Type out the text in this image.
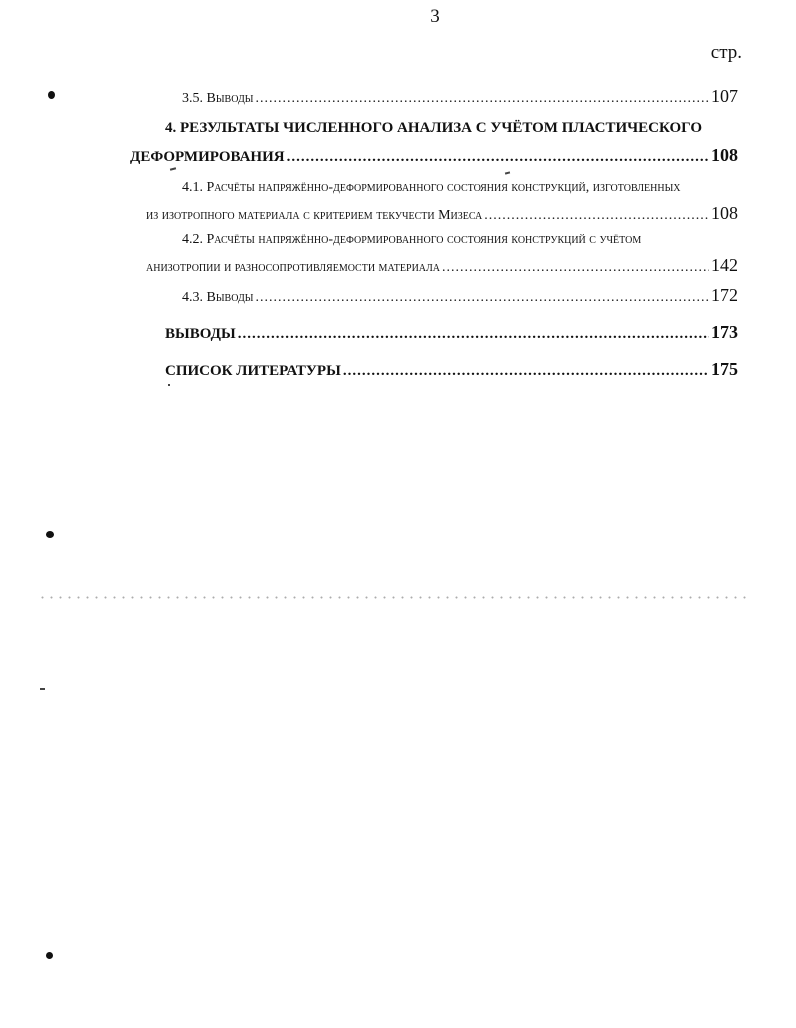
3
стр.
3.5. Выводы .....	107
4. РЕЗУЛЬТАТЫ ЧИСЛЕННОГО АНАЛИЗА С УЧЁТОМ ПЛАСТИЧЕСКОГО
ДЕФОРМИРОВАНИЯ .....	108
4.1. Расчёты напряжённо-деформированного состояния конструкций, изготовленных
из изотропного материала с критерием текучести Мизеса .....	108
4.2. Расчёты напряжённо-деформированного состояния конструкций с учётом
анизотропии и разносопротивляемости материала .....	142
4.3. Выводы .....	172
ВЫВОДЫ .....	173
СПИСОК ЛИТЕРАТУРЫ .....	175
